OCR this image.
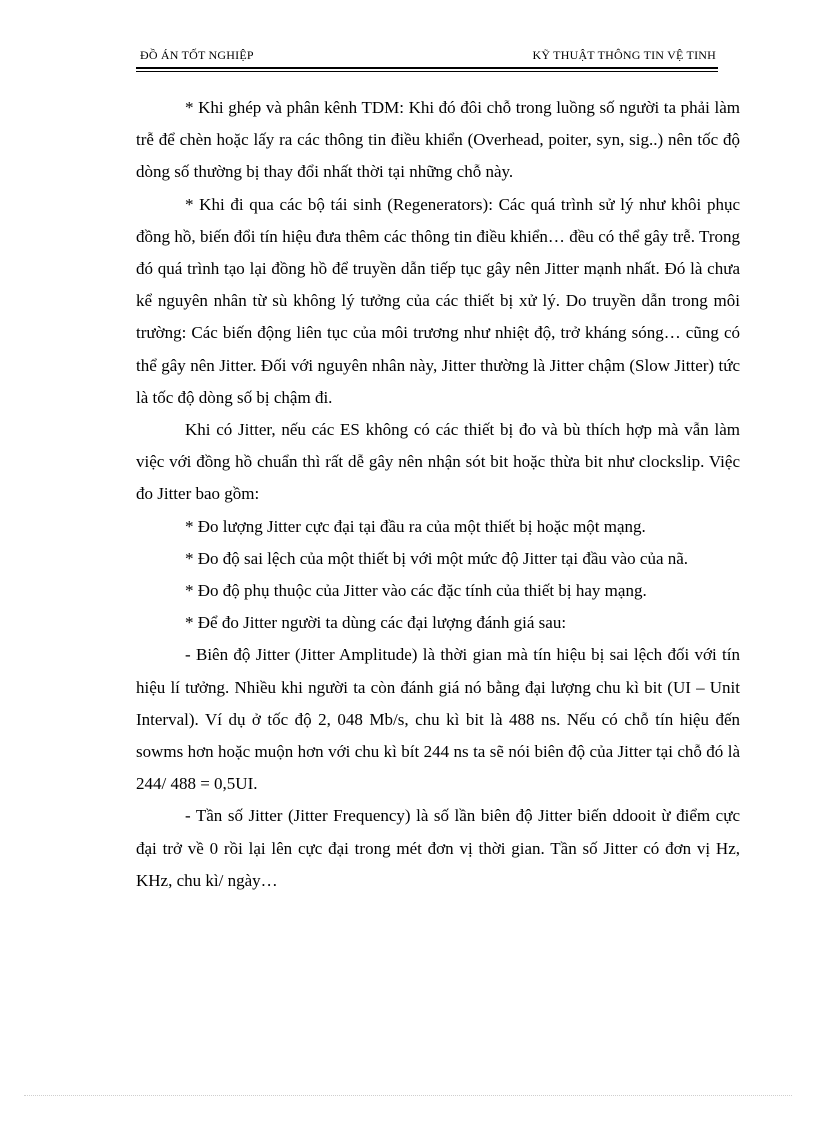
ĐỒ ÁN TỐT NGHIỆP	KỸ THUẬT THÔNG TIN VỆ TINH

* Khi ghép và phân kênh TDM: Khi đó đôi chỗ trong luồng số người ta phải làm trễ để chèn hoặc lấy ra các thông tin điều khiển (Overhead, poiter, syn, sig..) nên tốc độ dòng số thường bị thay đổi nhất thời tại những chỗ này.

* Khi đi qua các bộ tái sinh (Regenerators): Các quá trình sử lý như khôi phục đồng hồ, biến đổi tín hiệu đưa thêm các thông tin điều khiển… đều có thể gây trễ. Trong đó quá trình tạo lại đồng hồ để truyền dẫn tiếp tục gây nên Jitter mạnh nhất. Đó là chưa kể nguyên nhân từ sù không lý tưởng của các thiết bị xử lý. Do truyền dẫn trong môi trường: Các biến động liên tục của môi trương như nhiệt độ, trở kháng sóng… cũng có thể gây nên Jitter. Đối với nguyên nhân này, Jitter thường là Jitter chậm (Slow Jitter) tức là tốc độ dòng số bị chậm đi.

Khi có Jitter, nếu các ES không có các thiết bị đo và bù thích hợp mà vẫn làm việc với đồng hồ chuẩn thì rất dễ gây nên nhận sót bit hoặc thừa bit như clockslip. Việc đo Jitter bao gồm:

* Đo lượng Jitter cực đại tại đầu ra của một thiết bị hoặc một mạng.

* Đo độ sai lệch của một thiết bị với một mức độ Jitter tại đầu vào của nã.

* Đo độ phụ thuộc của Jitter vào các đặc tính của thiết bị hay mạng.

* Để đo Jitter người ta dùng các đại lượng đánh giá sau:

- Biên độ Jitter (Jitter Amplitude) là thời gian mà tín hiệu bị sai lệch đối với tín hiệu lí tưởng. Nhiều khi người ta còn đánh giá nó bằng đại lượng chu kì bit (UI – Unit Interval). Ví dụ ở tốc độ 2, 048 Mb/s, chu kì bit là 488 ns. Nếu có chỗ tín hiệu đến sowms hơn hoặc muộn hơn với chu kì bít 244 ns ta sẽ nói biên độ của Jitter tại chỗ đó là 244/ 488 = 0,5UI.

- Tần số Jitter (Jitter Frequency) là số lần biên độ Jitter biến ddooit ừ điểm cực đại trở về 0 rồi lại lên cực đại trong mét đơn vị thời gian. Tần số Jitter có đơn vị Hz, KHz, chu kì/ ngày…
